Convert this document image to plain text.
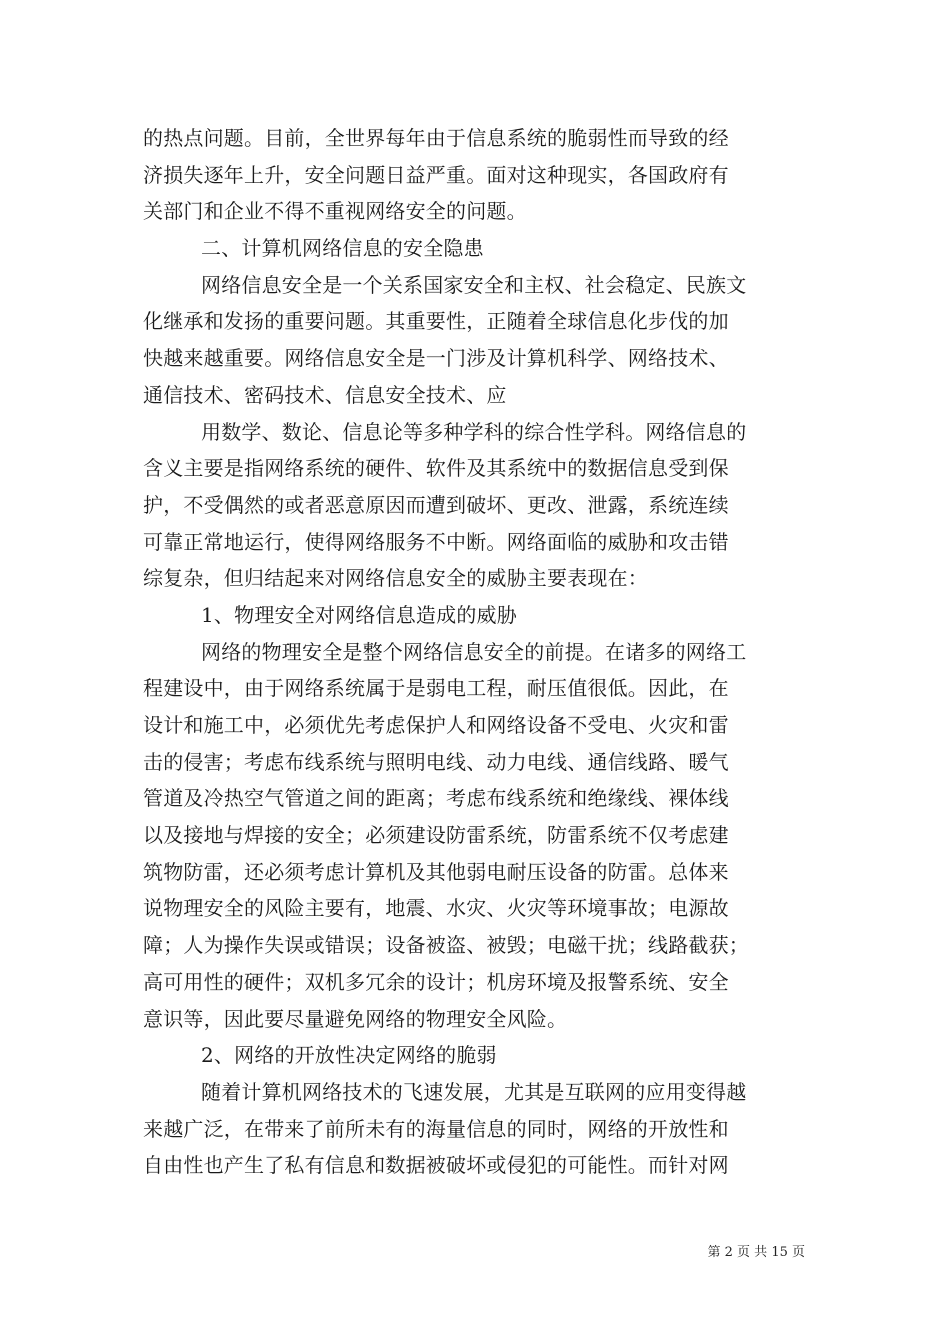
的热点问题。目前，全世界每年由于信息系统的脆弱性而导致的经
济损失逐年上升，安全问题日益严重。面对这种现实，各国政府有
关部门和企业不得不重视网络安全的问题。
二、计算机网络信息的安全隐患
网络信息安全是一个关系国家安全和主权、社会稳定、民族文
化继承和发扬的重要问题。其重要性，正随着全球信息化步伐的加
快越来越重要。网络信息安全是一门涉及计算机科学、网络技术、
通信技术、密码技术、信息安全技术、应
用数学、数论、信息论等多种学科的综合性学科。网络信息的
含义主要是指网络系统的硬件、软件及其系统中的数据信息受到保
护，不受偶然的或者恶意原因而遭到破坏、更改、泄露，系统连续
可靠正常地运行，使得网络服务不中断。网络面临的威胁和攻击错
综复杂，但归结起来对网络信息安全的威胁主要表现在：
1、物理安全对网络信息造成的威胁
网络的物理安全是整个网络信息安全的前提。在诸多的网络工
程建设中，由于网络系统属于是弱电工程，耐压值很低。因此，在
设计和施工中，必须优先考虑保护人和网络设备不受电、火灾和雷
击的侵害；考虑布线系统与照明电线、动力电线、通信线路、暖气
管道及冷热空气管道之间的距离；考虑布线系统和绝缘线、裸体线
以及接地与焊接的安全；必须建设防雷系统，防雷系统不仅考虑建
筑物防雷，还必须考虑计算机及其他弱电耐压设备的防雷。总体来
说物理安全的风险主要有，地震、水灾、火灾等环境事故；电源故
障；人为操作失误或错误；设备被盗、被毁；电磁干扰；线路截获；
高可用性的硬件；双机多冗余的设计；机房环境及报警系统、安全
意识等，因此要尽量避免网络的物理安全风险。
2、网络的开放性决定网络的脆弱
随着计算机网络技术的飞速发展，尤其是互联网的应用变得越
来越广泛，在带来了前所未有的海量信息的同时，网络的开放性和
自由性也产生了私有信息和数据被破坏或侵犯的可能性。而针对网
第 2 页 共 15 页
